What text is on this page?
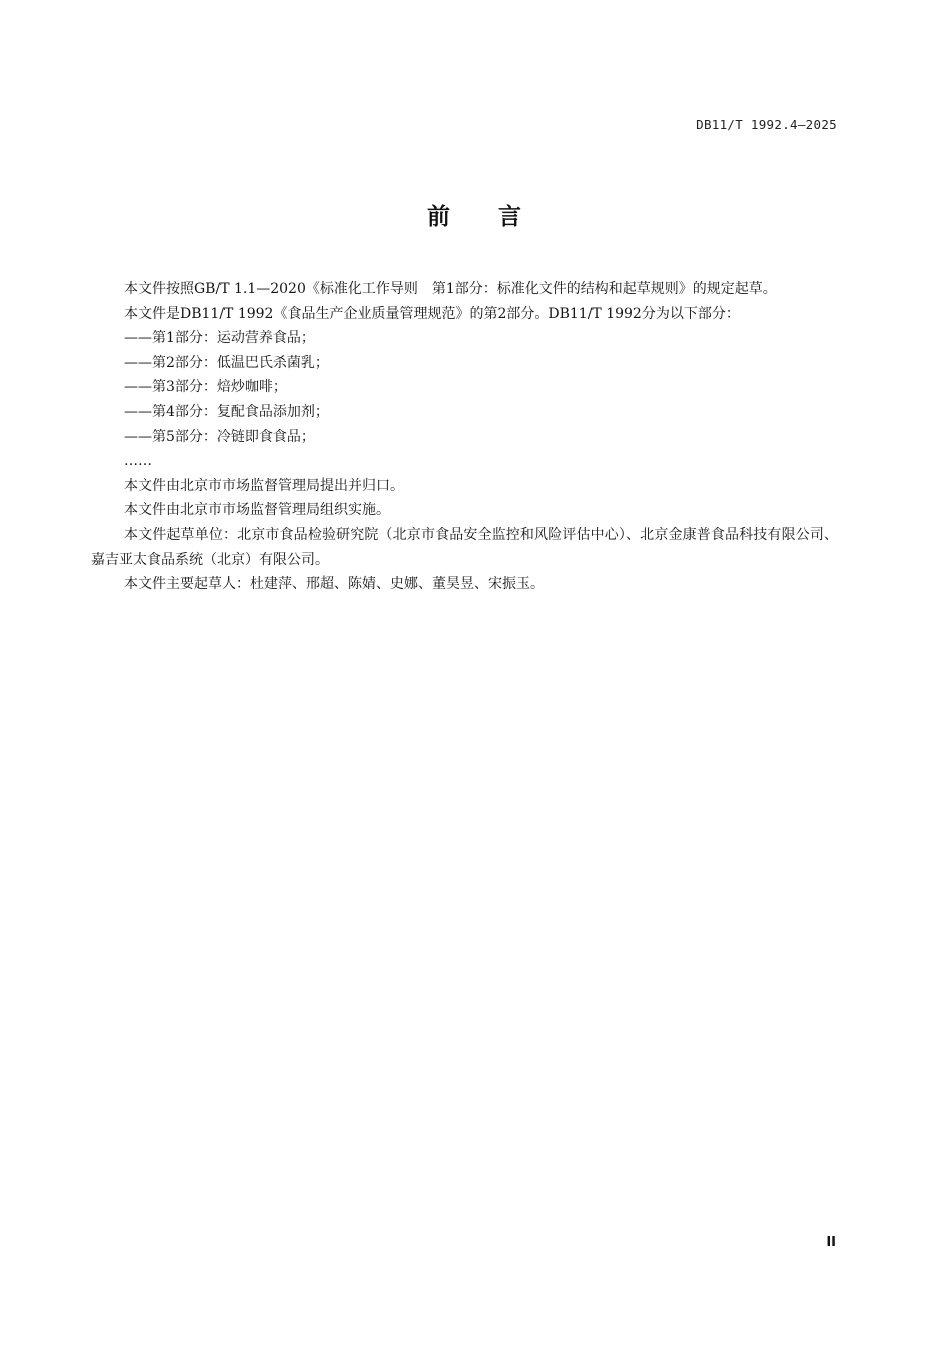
DB11/T 1992.4—2025
前 言

本文件按照GB/T 1.1—2020《标准化工作导则　第1部分：标准化文件的结构和起草规则》的规定起草。

本文件是DB11/T 1992《食品生产企业质量管理规范》的第2部分。DB11/T 1992分为以下部分：

——第1部分：运动营养食品；

——第2部分：低温巴氏杀菌乳；

——第3部分：焙炒咖啡；

——第4部分：复配食品添加剂；

——第5部分：冷链即食食品；

……

本文件由北京市市场监督管理局提出并归口。

本文件由北京市市场监督管理局组织实施。

本文件起草单位：北京市食品检验研究院（北京市食品安全监控和风险评估中心）、北京金康普食品科技有限公司、嘉吉亚太食品系统（北京）有限公司。

本文件主要起草人：杜建萍、邢超、陈婧、史娜、董昊昱、宋振玉。

II
